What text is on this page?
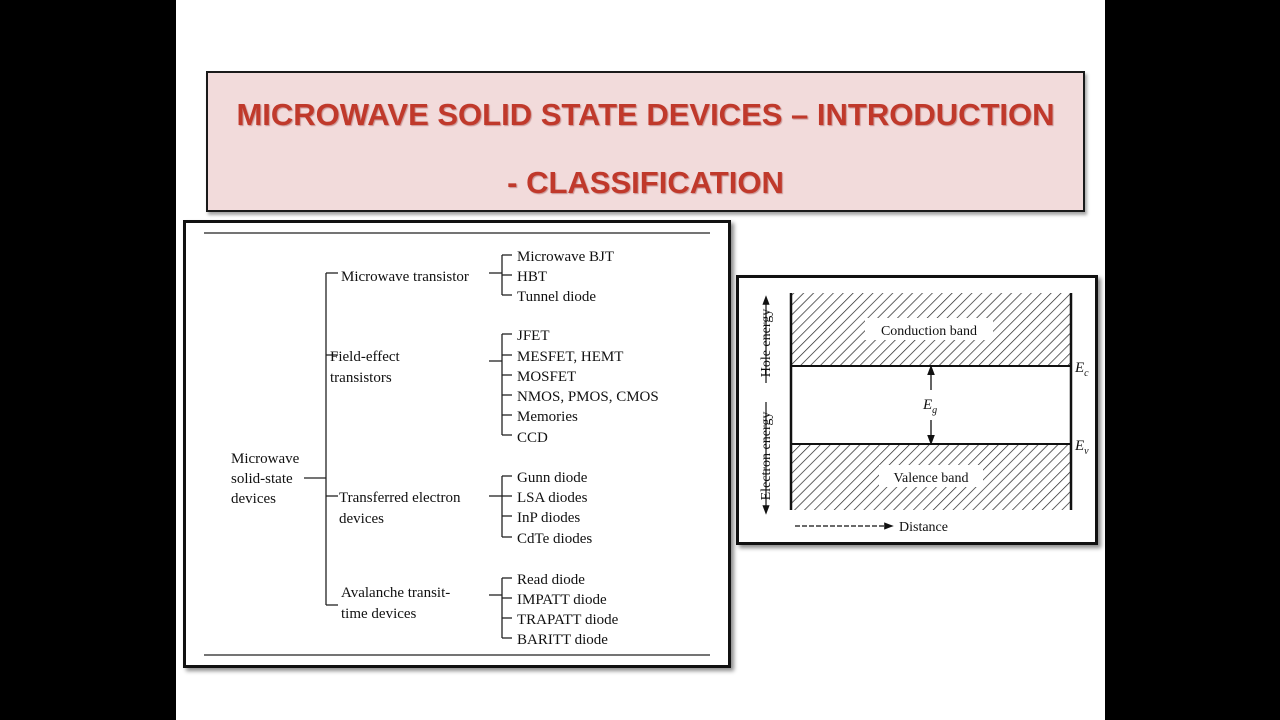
MICROWAVE SOLID STATE DEVICES – INTRODUCTION
- CLASSIFICATION
Microwave
solid-state
devices
Microwave transistor
Field-effect
transistors
Transferred electron
devices
Avalanche transit-
time devices
Microwave BJT
HBT
Tunnel diode
JFET
MESFET, HEMT
MOSFET
NMOS, PMOS, CMOS
Memories
CCD
Gunn diode
LSA diodes
InP diodes
CdTe diodes
Read diode
IMPATT diode
TRAPATT diode
BARITT diode
Conduction band
Valence band
$E_g$
$E_c$
$E_v$
Hole energy
Electron energy
Distance
